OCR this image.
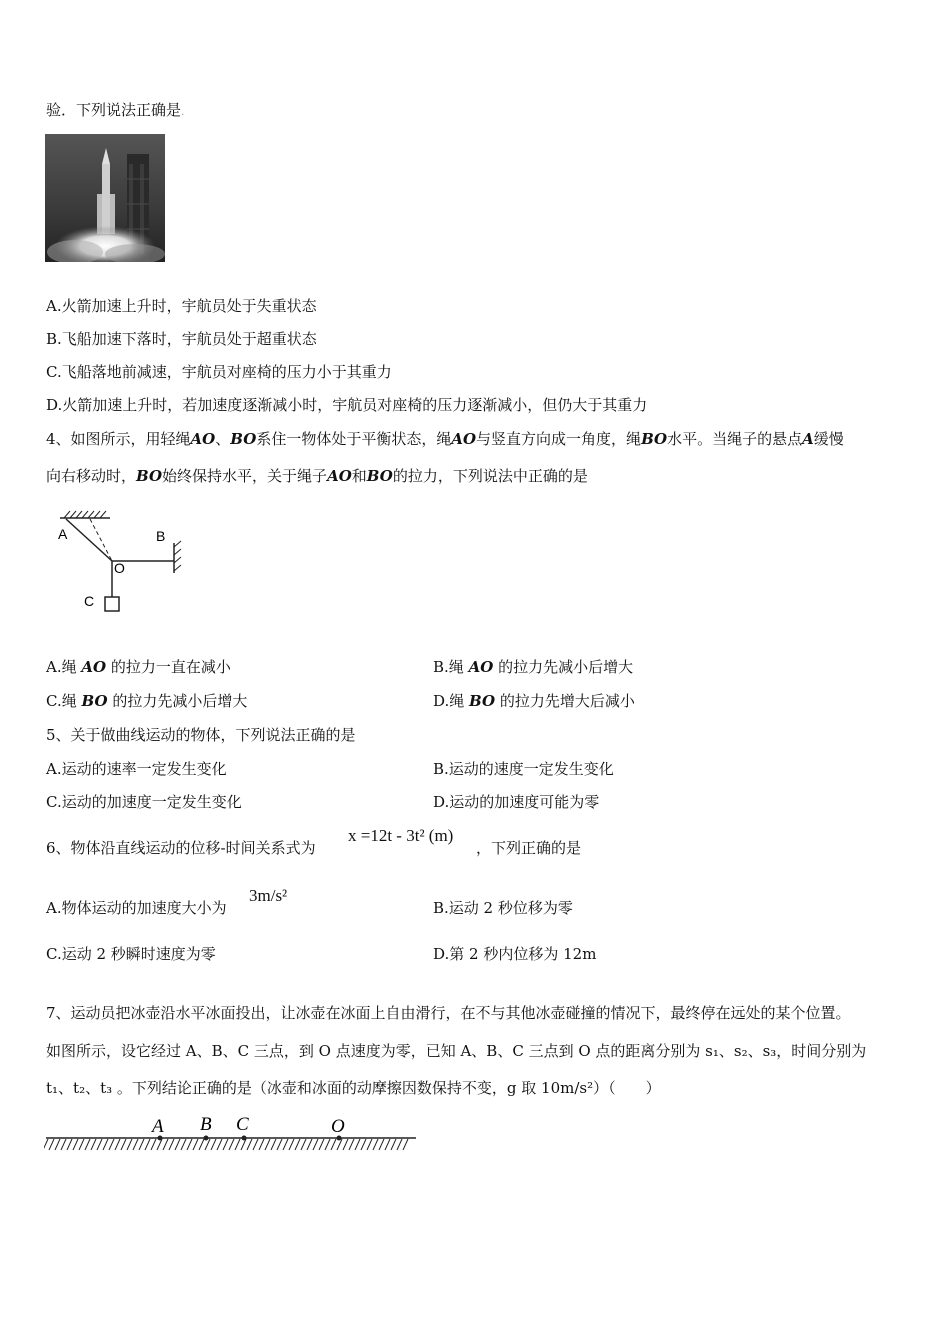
验．下列说法正确是.
A.火箭加速上升时，宇航员处于失重状态
B.飞船加速下落时，宇航员处于超重状态
C.飞船落地前减速，宇航员对座椅的压力小于其重力
D.火箭加速上升时，若加速度逐渐减小时，宇航员对座椅的压力逐渐减小，但仍大于其重力
4、如图所示，用轻绳AO、BO系住一物体处于平衡状态，绳AO与竖直方向成一角度，绳BO水平。当绳子的悬点A缓慢
向右移动时，BO始终保持水平，关于绳子AO和BO的拉力，下列说法中正确的是
A	B
O
C
A.绳 AO 的拉力一直在减小	B.绳 AO 的拉力先减小后增大
C.绳 BO 的拉力先减小后增大	D.绳 BO 的拉力先增大后减小
5、关于做曲线运动的物体，下列说法正确的是
A.运动的速率一定发生变化	B.运动的速度一定发生变化
C.运动的加速度一定发生变化	D.运动的加速度可能为零
6、物体沿直线运动的位移-时间关系式为
x =12t - 3t² (m)
，下列正确的是
A.物体运动的加速度大小为
3m/s²
B.运动 2 秒位移为零
C.运动 2 秒瞬时速度为零	D.第 2 秒内位移为 12m
7、运动员把冰壶沿水平冰面投出，让冰壶在冰面上自由滑行，在不与其他冰壶碰撞的情况下，最终停在远处的某个位置。
如图所示，设它经过 A、B、C 三点，到 O 点速度为零，已知 A、B、C 三点到 O 点的距离分别为 s₁、s₂、s₃，时间分别为
t₁、t₂、t₃ 。下列结论正确的是（冰壶和冰面的动摩擦因数保持不变，g 取 10m/s²）（　　）
A B C	O
